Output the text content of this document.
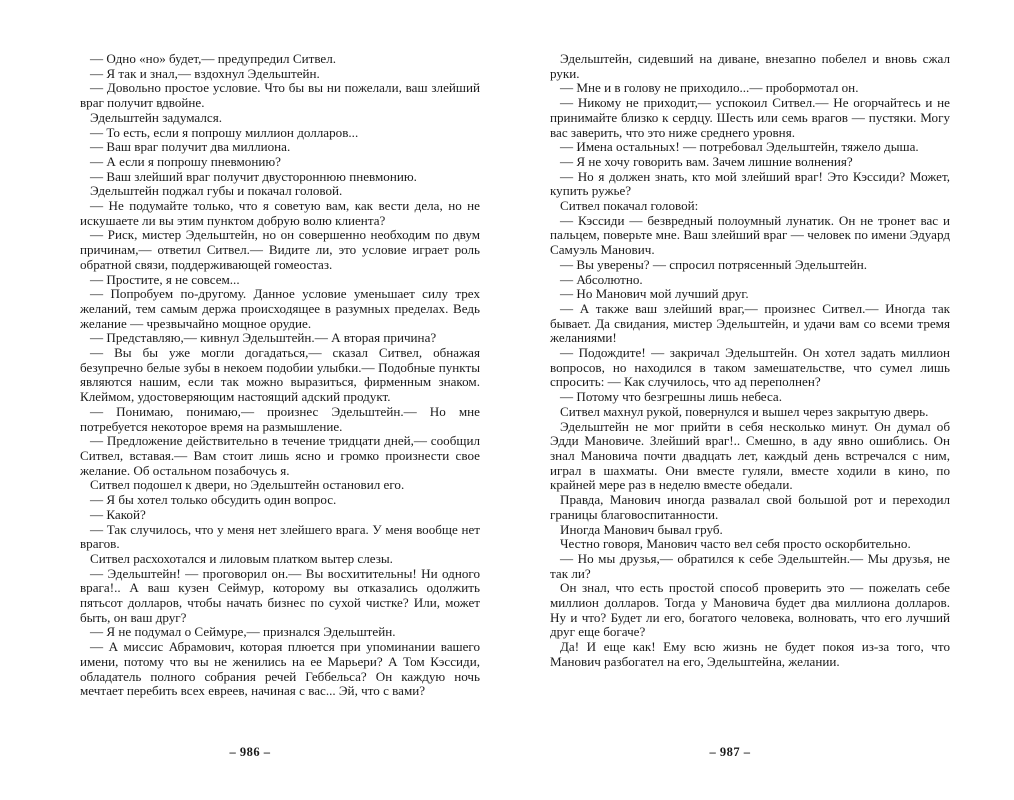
— Одно «но» будет,— предупредил Ситвел.

— Я так и знал,— вздохнул Эдельштейн.

— Довольно простое условие. Что бы вы ни пожелали, ваш злейший враг получит вдвойне.

Эдельштейн задумался.

— То есть, если я попрошу миллион долларов...

— Ваш враг получит два миллиона.

— А если я попрошу пневмонию?

— Ваш злейший враг получит двустороннюю пневмонию.

Эдельштейн поджал губы и покачал головой.

— Не подумайте только, что я советую вам, как вести дела, но не искушаете ли вы этим пунктом добрую волю клиента?

— Риск, мистер Эдельштейн, но он совершенно необходим по двум причинам,— ответил Ситвел.— Видите ли, это условие играет роль обратной связи, поддерживающей гомеостаз.

— Простите, я не совсем...

— Попробуем по-другому. Данное условие уменьшает силу трех желаний, тем самым держа происходящее в разумных пределах. Ведь желание — чрезвычайно мощное орудие.

— Представляю,— кивнул Эдельштейн.— А вторая причина?

— Вы бы уже могли догадаться,— сказал Ситвел, обнажая безупречно белые зубы в некоем подобии улыбки.— Подобные пункты являются нашим, если так можно выразиться, фирменным знаком. Клеймом, удостоверяющим настоящий адский продукт.

— Понимаю, понимаю,— произнес Эдельштейн.— Но мне потребуется некоторое время на размышление.

— Предложение действительно в течение тридцати дней,— сообщил Ситвел, вставая.— Вам стоит лишь ясно и громко произнести свое желание. Об остальном позабочусь я.

Ситвел подошел к двери, но Эдельштейн остановил его.

— Я бы хотел только обсудить один вопрос.

— Какой?

— Так случилось, что у меня нет злейшего врага. У меня вообще нет врагов.

Ситвел расхохотался и лиловым платком вытер слезы.

— Эдельштейн! — проговорил он.— Вы восхитительны! Ни одного врага!.. А ваш кузен Сеймур, которому вы отказались одолжить пятьсот долларов, чтобы начать бизнес по сухой чистке? Или, может быть, он ваш друг?

— Я не подумал о Сеймуре,— признался Эдельштейн.

— А миссис Абрамович, которая плюется при упоминании вашего имени, потому что вы не женились на ее Марьери? А Том Кэссиди, обладатель полного собрания речей Геббельса? Он каждую ночь мечтает перебить всех евреев, начиная с вас... Эй, что с вами?

Эдельштейн, сидевший на диване, внезапно побелел и вновь сжал руки.

— Мне и в голову не приходило...— пробормотал он.

— Никому не приходит,— успокоил Ситвел.— Не огорчайтесь и не принимайте близко к сердцу. Шесть или семь врагов — пустяки. Могу вас заверить, что это ниже среднего уровня.

— Имена остальных! — потребовал Эдельштейн, тяжело дыша.

— Я не хочу говорить вам. Зачем лишние волнения?

— Но я должен знать, кто мой злейший враг! Это Кэссиди? Может, купить ружье?

Ситвел покачал головой:

— Кэссиди — безвредный полоумный лунатик. Он не тронет вас и пальцем, поверьте мне. Ваш злейший враг — человек по имени Эдуард Самуэль Манович.

— Вы уверены? — спросил потрясенный Эдельштейн.

— Абсолютно.

— Но Манович мой лучший друг.

— А также ваш злейший враг,— произнес Ситвел.— Иногда так бывает. Да свидания, мистер Эдельштейн, и удачи вам со всеми тремя желаниями!

— Подождите! — закричал Эдельштейн. Он хотел задать миллион вопросов, но находился в таком замешательстве, что сумел лишь спросить: — Как случилось, что ад переполнен?

— Потому что безгрешны лишь небеса.

Ситвел махнул рукой, повернулся и вышел через закрытую дверь.

Эдельштейн не мог прийти в себя несколько минут. Он думал об Эдди Мановиче. Злейший враг!.. Смешно, в аду явно ошиблись. Он знал Мановича почти двадцать лет, каждый день встречался с ним, играл в шахматы. Они вместе гуляли, вместе ходили в кино, по крайней мере раз в неделю вместе обедали.

Правда, Манович иногда развалал свой большой рот и переходил границы благовоспитанности.

Иногда Манович бывал груб.

Честно говоря, Манович часто вел себя просто оскорбительно.

— Но мы друзья,— обратился к себе Эдельштейн.— Мы друзья, не так ли?

Он знал, что есть простой способ проверить это — пожелать себе миллион долларов. Тогда у Мановича будет два миллиона долларов. Ну и что? Будет ли его, богатого человека, волновать, что его лучший друг еще богаче?

Да! И еще как! Ему всю жизнь не будет покоя из-за того, что Манович разбогател на его, Эдельштейна, желании.

– 986 –	– 987 –
